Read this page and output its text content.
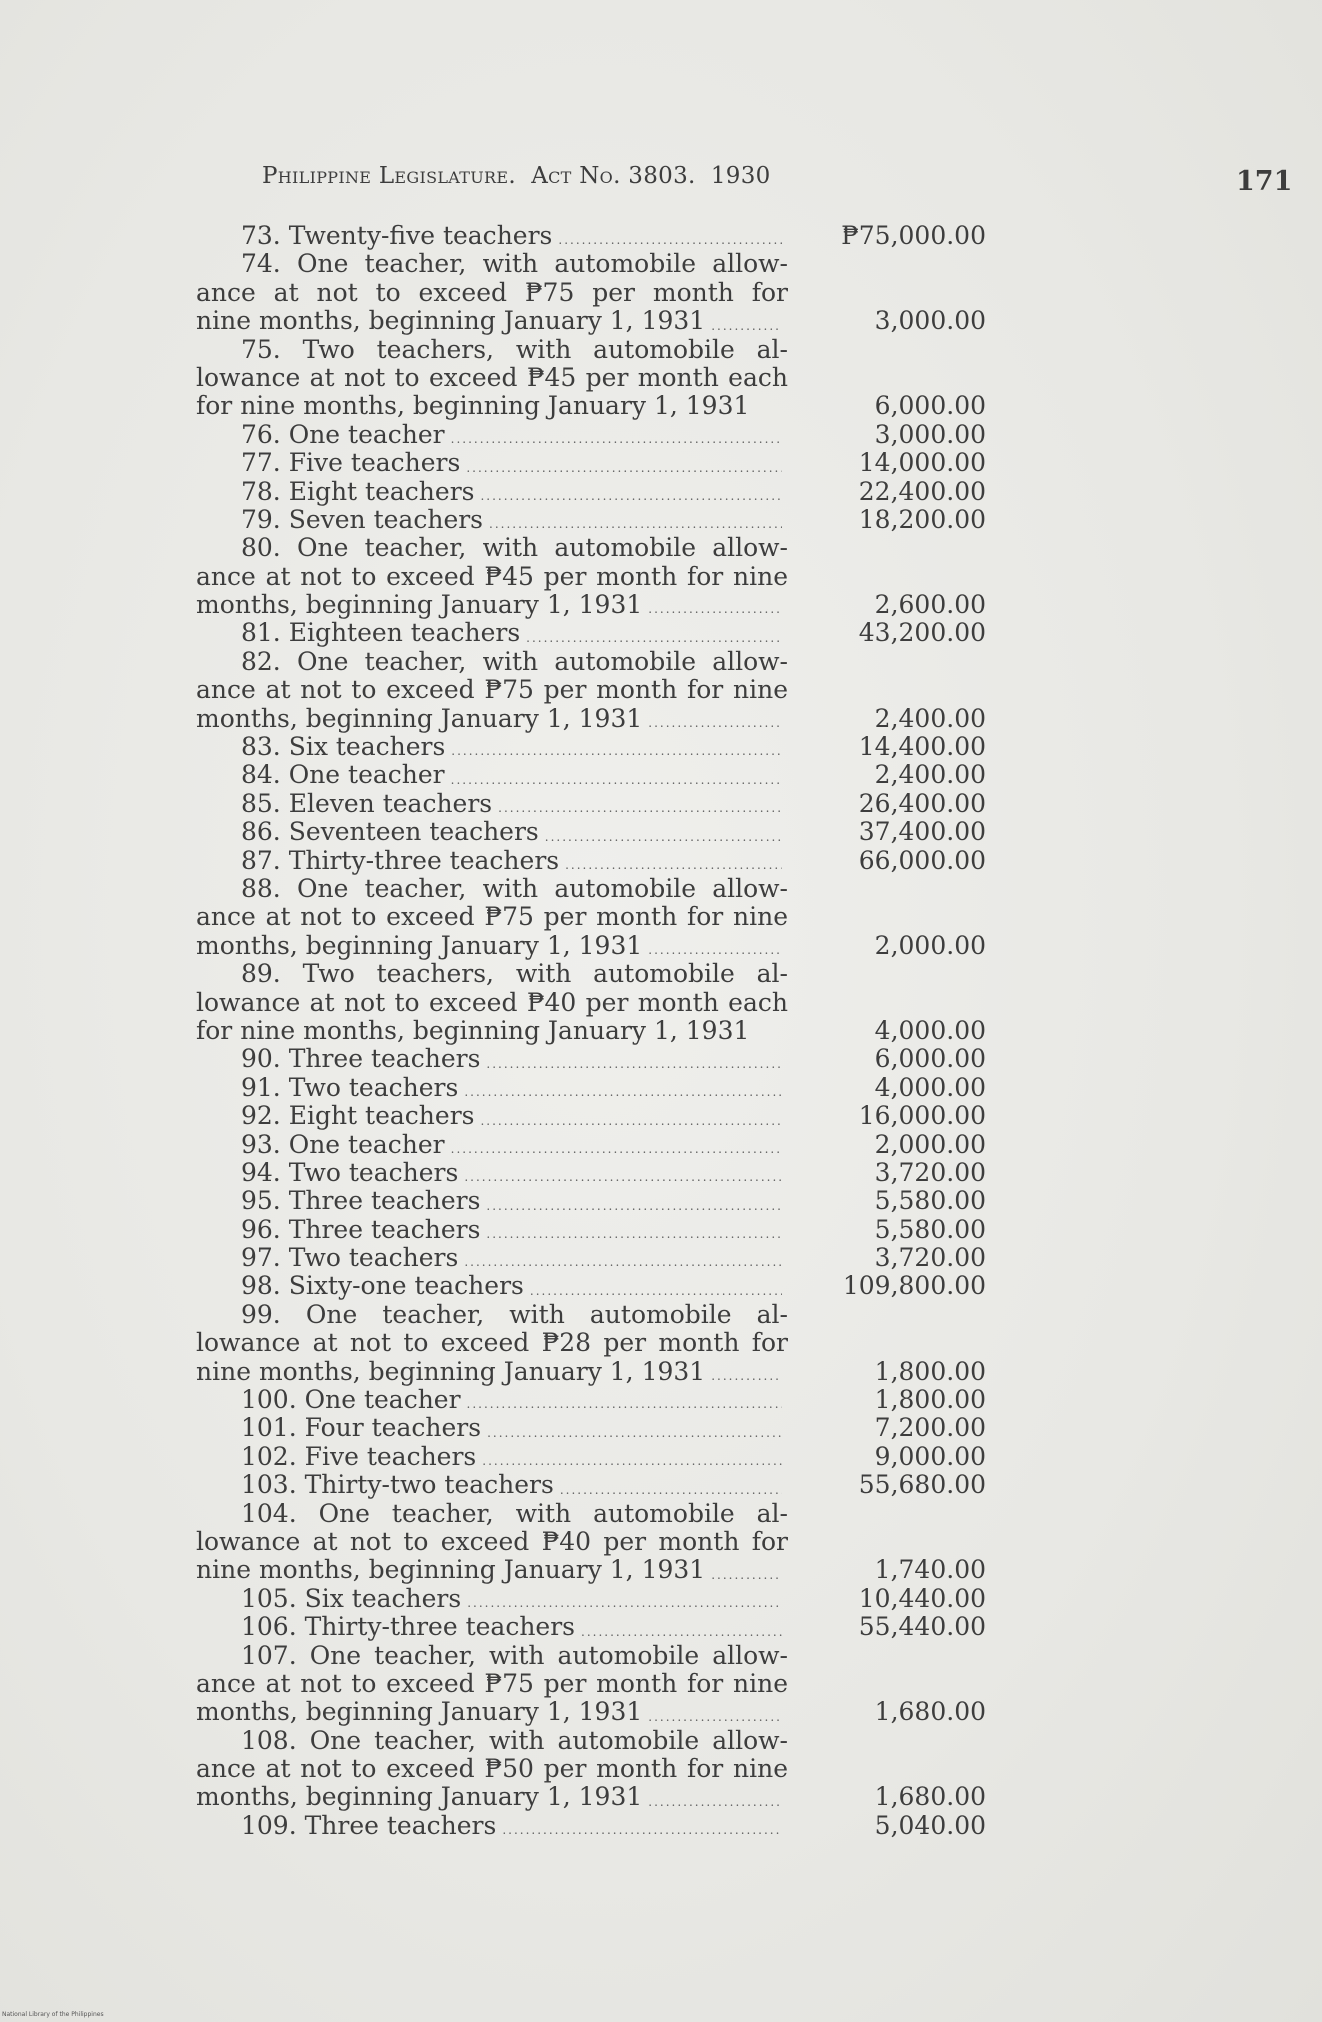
Philippine Legislature. Act No. 3803. 1930	171
73. Twenty-five teachers .....	₱75,000.00
74. One teacher, with automobile allow-
ance at not to exceed ₱75 per month for
nine months, beginning January 1, 1931 .....	3,000.00
75. Two teachers, with automobile al-
lowance at not to exceed ₱45 per month each
for nine months, beginning January 1, 1931	6,000.00
76. One teacher .....	3,000.00
77. Five teachers .....	14,000.00
78. Eight teachers .....	22,400.00
79. Seven teachers .....	18,200.00
80. One teacher, with automobile allow-
ance at not to exceed ₱45 per month for nine
months, beginning January 1, 1931 .....	2,600.00
81. Eighteen teachers .....	43,200.00
82. One teacher, with automobile allow-
ance at not to exceed ₱75 per month for nine
months, beginning January 1, 1931 .....	2,400.00
83. Six teachers .....	14,400.00
84. One teacher .....	2,400.00
85. Eleven teachers .....	26,400.00
86. Seventeen teachers .....	37,400.00
87. Thirty-three teachers .....	66,000.00
88. One teacher, with automobile allow-
ance at not to exceed ₱75 per month for nine
months, beginning January 1, 1931 .....	2,000.00
89. Two teachers, with automobile al-
lowance at not to exceed ₱40 per month each
for nine months, beginning January 1, 1931	4,000.00
90. Three teachers .....	6,000.00
91. Two teachers .....	4,000.00
92. Eight teachers .....	16,000.00
93. One teacher .....	2,000.00
94. Two teachers .....	3,720.00
95. Three teachers .....	5,580.00
96. Three teachers .....	5,580.00
97. Two teachers .....	3,720.00
98. Sixty-one teachers .....	109,800.00
99. One teacher, with automobile al-
lowance at not to exceed ₱28 per month for
nine months, beginning January 1, 1931 .....	1,800.00
100. One teacher .....	1,800.00
101. Four teachers .....	7,200.00
102. Five teachers .....	9,000.00
103. Thirty-two teachers .....	55,680.00
104. One teacher, with automobile al-
lowance at not to exceed ₱40 per month for
nine months, beginning January 1, 1931 .....	1,740.00
105. Six teachers .....	10,440.00
106. Thirty-three teachers .....	55,440.00
107. One teacher, with automobile allow-
ance at not to exceed ₱75 per month for nine
months, beginning January 1, 1931 .....	1,680.00
108. One teacher, with automobile allow-
ance at not to exceed ₱50 per month for nine
months, beginning January 1, 1931 .....	1,680.00
109. Three teachers .....	5,040.00
National Library of the Philippines
